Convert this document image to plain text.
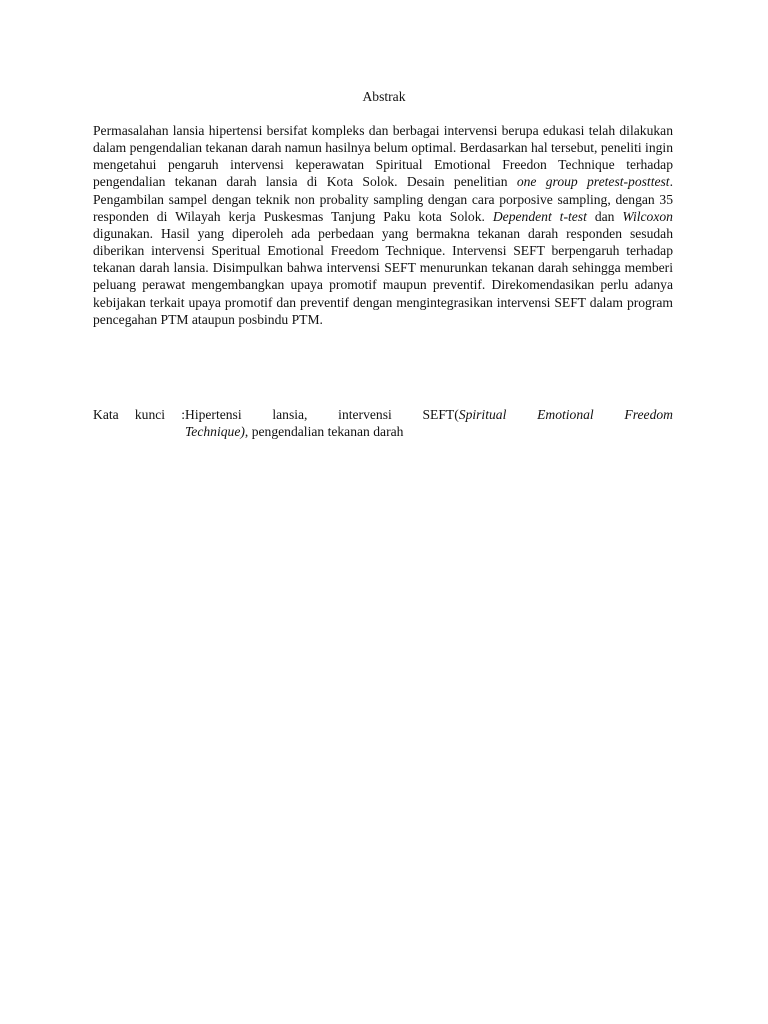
Abstrak

Permasalahan lansia hipertensi bersifat kompleks dan berbagai intervensi berupa edukasi telah dilakukan dalam pengendalian tekanan darah namun hasilnya belum optimal. Berdasarkan hal tersebut, peneliti ingin mengetahui pengaruh intervensi keperawatan Spiritual Emotional Freedon Technique terhadap pengendalian tekanan darah lansia di Kota Solok. Desain penelitian one group pretest-posttest. Pengambilan sampel dengan teknik non probality sampling dengan cara porposive sampling, dengan 35 responden di Wilayah kerja Puskesmas Tanjung Paku kota Solok. Dependent t-test dan Wilcoxon digunakan. Hasil yang diperoleh ada perbedaan yang bermakna tekanan darah responden sesudah diberikan intervensi Speritual Emotional Freedom Technique. Intervensi SEFT berpengaruh terhadap tekanan darah lansia. Disimpulkan bahwa intervensi SEFT menurunkan tekanan darah sehingga memberi peluang perawat mengembangkan upaya promotif maupun preventif. Direkomendasikan perlu adanya kebijakan terkait upaya promotif dan preventif dengan mengintegrasikan intervensi SEFT dalam program pencegahan PTM ataupun posbindu PTM.

Kata kunci : Hipertensi lansia, intervensi SEFT(Spiritual Emotional Freedom
Technique), pengendalian tekanan darah
